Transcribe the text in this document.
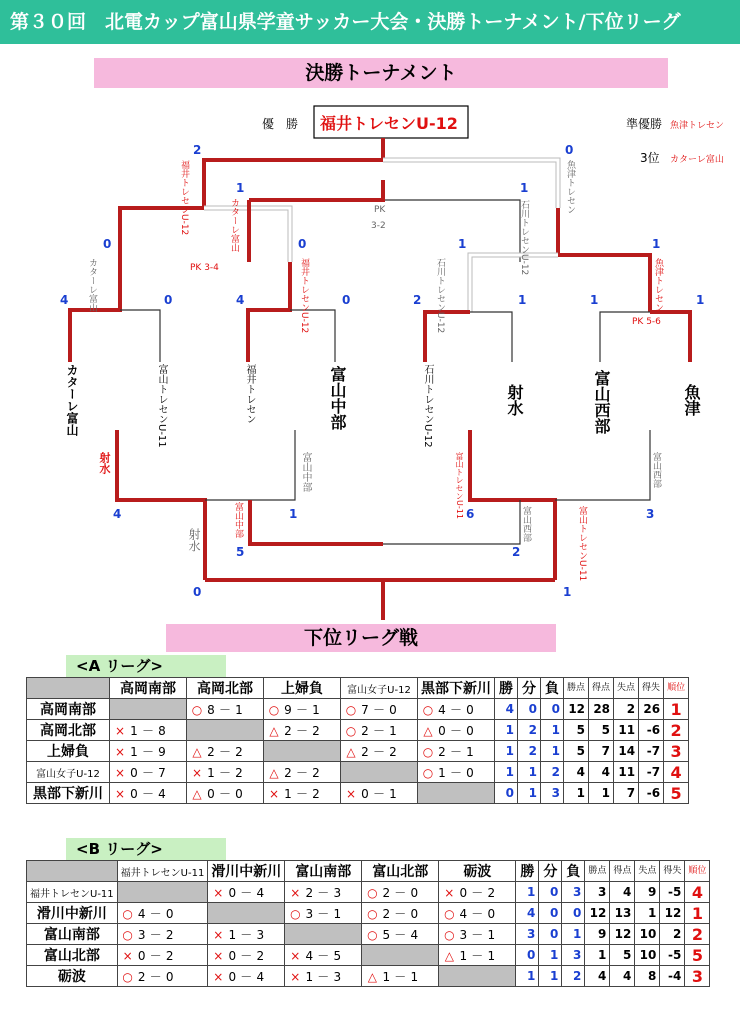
第３０回　北電カップ富山県学童サッカー大会・決勝トーナメント/下位リーグ
決勝トーナメント
優　勝 福井トレセンU-12	準優勝 魚津トレセン
3位 カターレ富山
2	0
0	0
PK 3-4
1	1
PK
3-2
1	1
PK 5-6
4	0	4	0	2	1	1	1
4	1	6	3
5	2
0	1
カターレ富山	富山トレセンU-11	福井トレセン	富山中部	石川トレセンU-12	射水	富山西部	魚津
福井トレセンU-12	魚津トレセン
カターレ富山	石川トレセンU-12
福井トレセンU-12	石川トレセンU-12	魚津トレセン
カターレ富山
射水	富山中部	富山トレセンU-11	富山西部
射水
富山中部	富山トレセンU-11
富山西部
下位リーグ戦
<A リーグ>
	高岡南部	高岡北部	上婦負	富山女子U-12	黒部下新川	勝	分	負	勝点	得点	失点	得失	順位
高岡南部		○ 8 － 1	○ 9 － 1	○ 7 － 0	○ 4 － 0	4	0	0	12	28	2	26	1
高岡北部	× 1 － 8		△ 2 － 2	○ 2 － 1	△ 0 － 0	1	2	1	5	5	11	-6	2
上婦負	× 1 － 9	△ 2 － 2		△ 2 － 2	○ 2 － 1	1	2	1	5	7	14	-7	3
富山女子U-12	× 0 － 7	× 1 － 2	△ 2 － 2		○ 1 － 0	1	1	2	4	4	11	-7	4
黒部下新川	× 0 － 4	△ 0 － 0	× 1 － 2	× 0 － 1		0	1	3	1	1	7	-6	5
<B リーグ>
	福井トレセンU-11	滑川中新川	富山南部	富山北部	砺波	勝	分	負	勝点	得点	失点	得失	順位
福井トレセンU-11		× 0 － 4	× 2 － 3	○ 2 － 0	× 0 － 2	1	0	3	3	4	9	-5	4
滑川中新川	○ 4 － 0		○ 3 － 1	○ 2 － 0	○ 4 － 0	4	0	0	12	13	1	12	1
富山南部	○ 3 － 2	× 1 － 3		○ 5 － 4	○ 3 － 1	3	0	1	9	12	10	2	2
富山北部	× 0 － 2	× 0 － 2	× 4 － 5		△ 1 － 1	0	1	3	1	5	10	-5	5
砺波	○ 2 － 0	× 0 － 4	× 1 － 3	△ 1 － 1		1	1	2	4	4	8	-4	3
